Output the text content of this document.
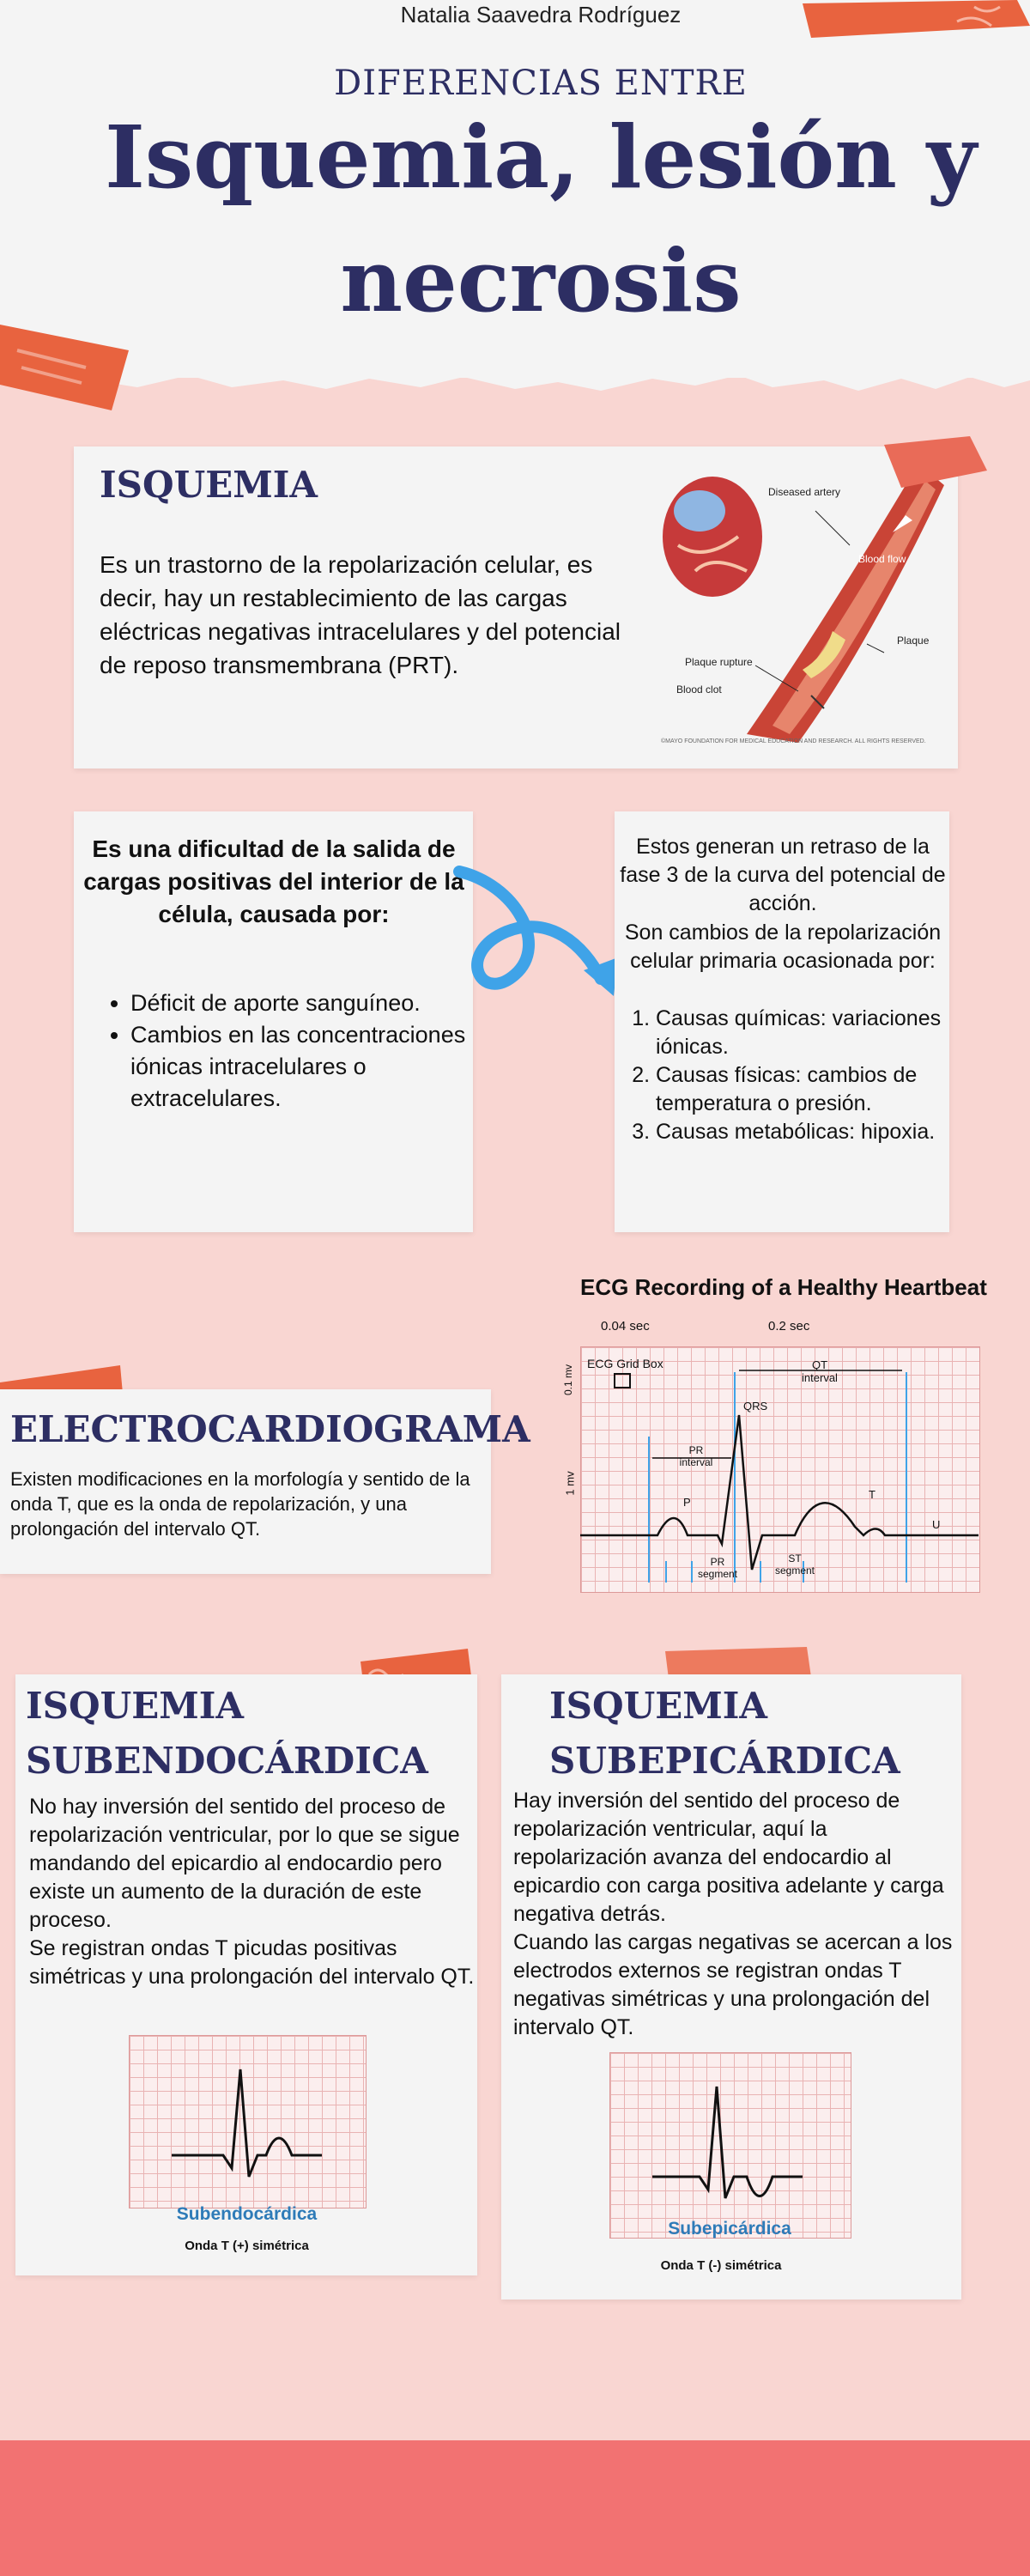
Natalia Saavedra Rodríguez
DIFERENCIAS ENTRE
Isquemia, lesión y
necrosis
ISQUEMIA
Es un trastorno de la repolarización celular, es decir, hay un restablecimiento de las cargas eléctricas negativas intracelulares y del potencial de reposo transmembrana (PRT).
Diseased artery
Blood flow
Plaque
Plaque rupture
Blood clot
©MAYO FOUNDATION FOR MEDICAL EDUCATION AND RESEARCH. ALL RIGHTS RESERVED.
Es una dificultad de la salida de cargas positivas del interior de la célula, causada por:
• Déficit de aporte sanguíneo.
• Cambios en las concentraciones iónicas intracelulares o extracelulares.
Estos generan un retraso de la fase 3 de la curva del potencial de acción.
Son cambios de la repolarización celular primaria ocasionada por:
1. Causas químicas: variaciones iónicas.
2. Causas físicas: cambios de temperatura o presión.
3. Causas metabólicas: hipoxia.
ECG Recording of a Healthy Heartbeat
0.04 sec	0.2 sec
ECG Grid Box
0.1 mv
1 mv
QT interval
QRS
PR interval
P
T
U
PR segment
ST segment
ELECTROCARDIOGRAMA
Existen modificaciones en la morfología y sentido de la onda T, que es la onda de repolarización, y una prolongación del intervalo QT.
ISQUEMIA
SUBENDOCÁRDICA
No hay inversión del sentido del proceso de repolarización ventricular, por lo que se sigue mandando del epicardio al endocardio pero existe un aumento de la duración de este proceso.
Se registran ondas T picudas positivas simétricas y una prolongación del intervalo QT.
Subendocárdica
Onda T (+) simétrica
ISQUEMIA
SUBEPICÁRDICA
Hay inversión del sentido del proceso de repolarización ventricular, aquí la repolarización avanza del endocardio al epicardio con carga positiva adelante y carga negativa detrás.
Cuando las cargas negativas se acercan a los electrodos externos se registran ondas T negativas simétricas y una prolongación del intervalo QT.
Subepicárdica
Onda T (-) simétrica
